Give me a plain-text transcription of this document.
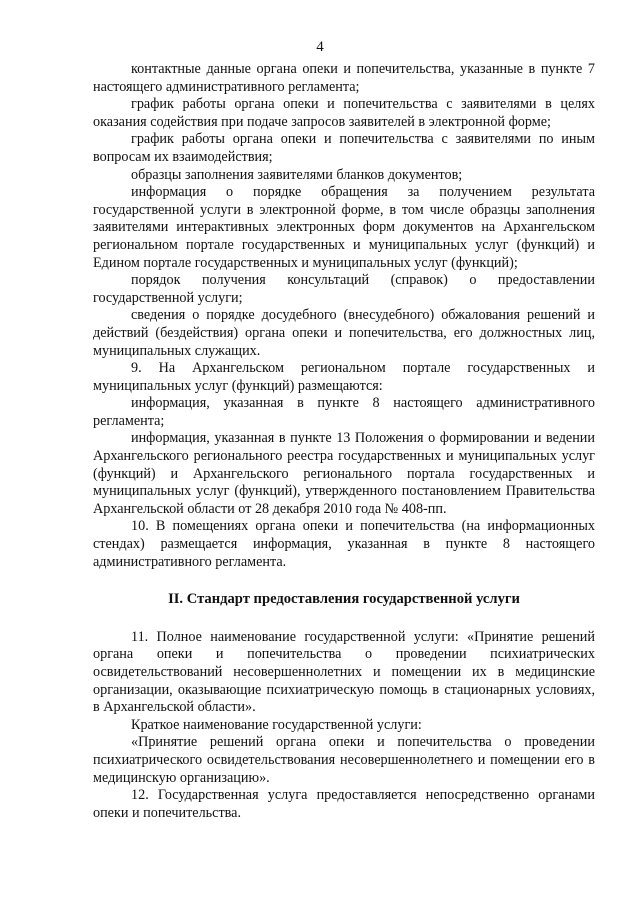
4

контактные данные органа опеки и попечительства, указанные в пункте 7 настоящего административного регламента;

график работы органа опеки и попечительства с заявителями в целях оказания содействия при подаче запросов заявителей в электронной форме;

график работы органа опеки и попечительства с заявителями по иным вопросам их взаимодействия;

образцы заполнения заявителями бланков документов;

информация о порядке обращения за получением результата государственной услуги в электронной форме, в том числе образцы заполнения заявителями интерактивных электронных форм документов на Архангельском региональном портале государственных и муниципальных услуг (функций) и Едином портале государственных и муниципальных услуг (функций);

порядок получения консультаций (справок) о предоставлении государственной услуги;

сведения о порядке досудебного (внесудебного) обжалования решений и действий (бездействия) органа опеки и попечительства, его должностных лиц, муниципальных служащих.

9. На Архангельском региональном портале государственных и муниципальных услуг (функций) размещаются:

информация, указанная в пункте 8 настоящего административного регламента;

информация, указанная в пункте 13 Положения о формировании и ведении Архангельского регионального реестра государственных и муниципальных услуг (функций) и Архангельского регионального портала государственных и муниципальных услуг (функций), утвержденного постановлением Правительства Архангельской области от 28 декабря 2010 года № 408-пп.

10. В помещениях органа опеки и попечительства (на информационных стендах) размещается информация, указанная в пункте 8 настоящего административного регламента.

II. Стандарт предоставления государственной услуги

11. Полное наименование государственной услуги: «Принятие решений органа опеки и попечительства о проведении психиатрических освидетельствований несовершеннолетних и помещении их в медицинские организации, оказывающие психиатрическую помощь в стационарных условиях, в Архангельской области».

Краткое наименование государственной услуги:

«Принятие решений органа опеки и попечительства о проведении психиатрического освидетельствования несовершеннолетнего и помещении его в медицинскую организацию».

12. Государственная услуга предоставляется непосредственно органами опеки и попечительства.
